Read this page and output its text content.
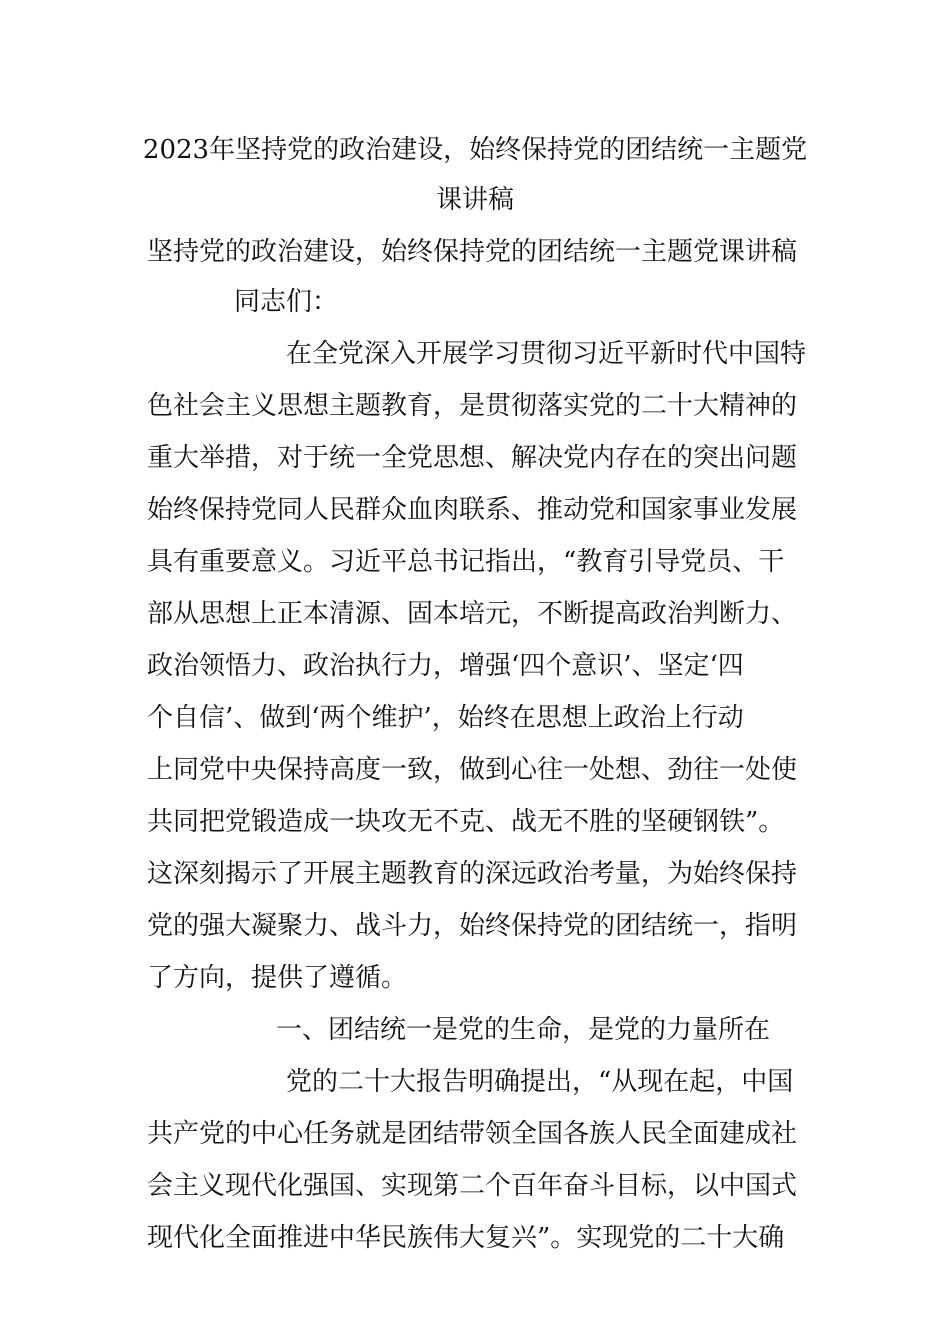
2023年坚持党的政治建设，始终保持党的团结统一主题党
课讲稿
坚持党的政治建设，始终保持党的团结统一主题党课讲稿
同志们：
在全党深入开展学习贯彻习近平新时代中国特
色社会主义思想主题教育，是贯彻落实党的二十大精神的
重大举措，对于统一全党思想、解决党内存在的突出问题
始终保持党同人民群众血肉联系、推动党和国家事业发展
具有重要意义。习近平总书记指出，“教育引导党员、干
部从思想上正本清源、固本培元，不断提高政治判断力、
政治领悟力、政治执行力，增强‘四个意识’、坚定‘四
个自信’、做到‘两个维护’，始终在思想上政治上行动
上同党中央保持高度一致，做到心往一处想、劲往一处使
共同把党锻造成一块攻无不克、战无不胜的坚硬钢铁”。
这深刻揭示了开展主题教育的深远政治考量，为始终保持
党的强大凝聚力、战斗力，始终保持党的团结统一，指明
了方向，提供了遵循。
一、团结统一是党的生命，是党的力量所在
党的二十大报告明确提出，“从现在起，中国
共产党的中心任务就是团结带领全国各族人民全面建成社
会主义现代化强国、实现第二个百年奋斗目标，以中国式
现代化全面推进中华民族伟大复兴”。实现党的二十大确
